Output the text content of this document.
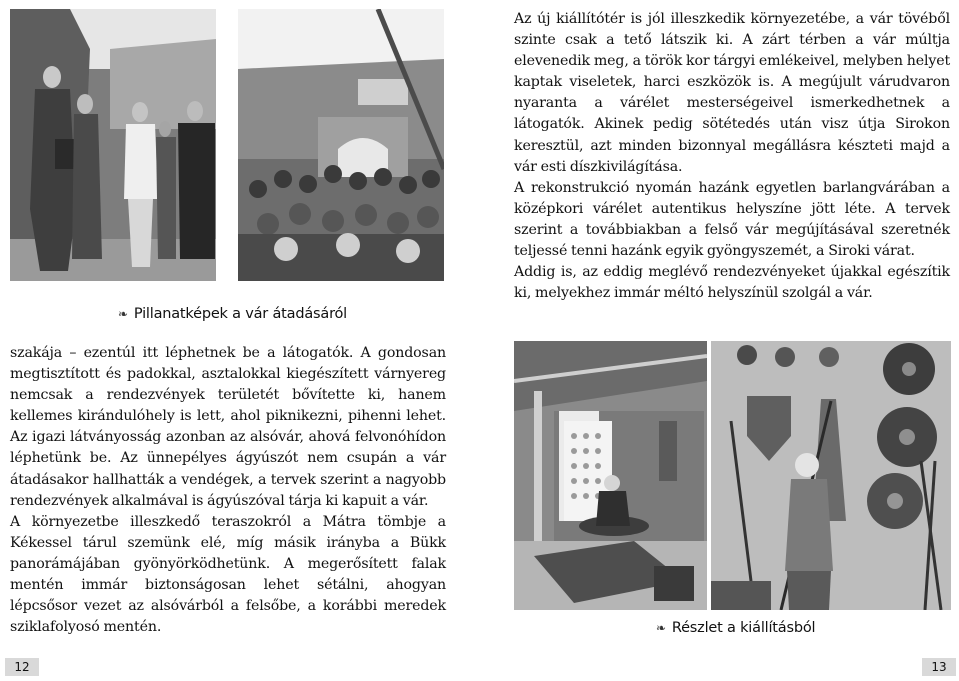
❧ Pillanatképek a vár átadásáról

Az új kiállítótér is jól illeszkedik környezetébe, a vár tövéből szinte csak a tető látszik ki. A zárt térben a vár múltja elevenedik meg, a török kor tárgyi emlékeivel, melyben helyet kaptak viseletek, harci eszközök is. A megújult várudvaron nyaranta a várélet mesterségeivel ismerkedhetnek a látogatók. Akinek pedig sötétedés után visz útja Sirokon keresztül, azt minden bizonnyal megállásra készteti majd a vár esti díszkivilágítása.

A rekonstrukció nyomán hazánk egyetlen barlangvárában a középkori várélet autentikus helyszíne jött léte. A tervek szerint a továbbiakban a felső vár megújításával szeretnék teljessé tenni hazánk egyik gyöngyszemét, a Siroki várat.

Addig is, az eddig meglévő rendezvényeket újakkal egészítik ki, melyekhez immár méltó helyszínül szolgál a vár.

szakája – ezentúl itt léphetnek be a látogatók. A gondosan megtisztított és padokkal, asztalokkal kiegészített várnyereg nemcsak a rendezvények területét bővítette ki, hanem kellemes kirándulóhely is lett, ahol piknikezni, pihenni lehet. Az igazi látványosság azonban az alsóvár, ahová felvonóhídon léphetünk be. Az ünnepélyes ágyúszót nem csupán a vár átadásakor hallhatták a vendégek, a tervek szerint a nagyobb rendezvények alkalmával is ágyúszóval tárja ki kapuit a vár.

A környezetbe illeszkedő teraszokról a Mátra tömbje a Kékessel tárul szemünk elé, míg másik irányba a Bükk panorámájában gyönyörködhetünk. A megerősített falak mentén immár biztonságosan lehet sétálni, ahogyan lépcsősor vezet az alsóvárból a felsőbe, a korábbi meredek sziklafolyosó mentén.	❧ Részlet a kiállításból
12	13
